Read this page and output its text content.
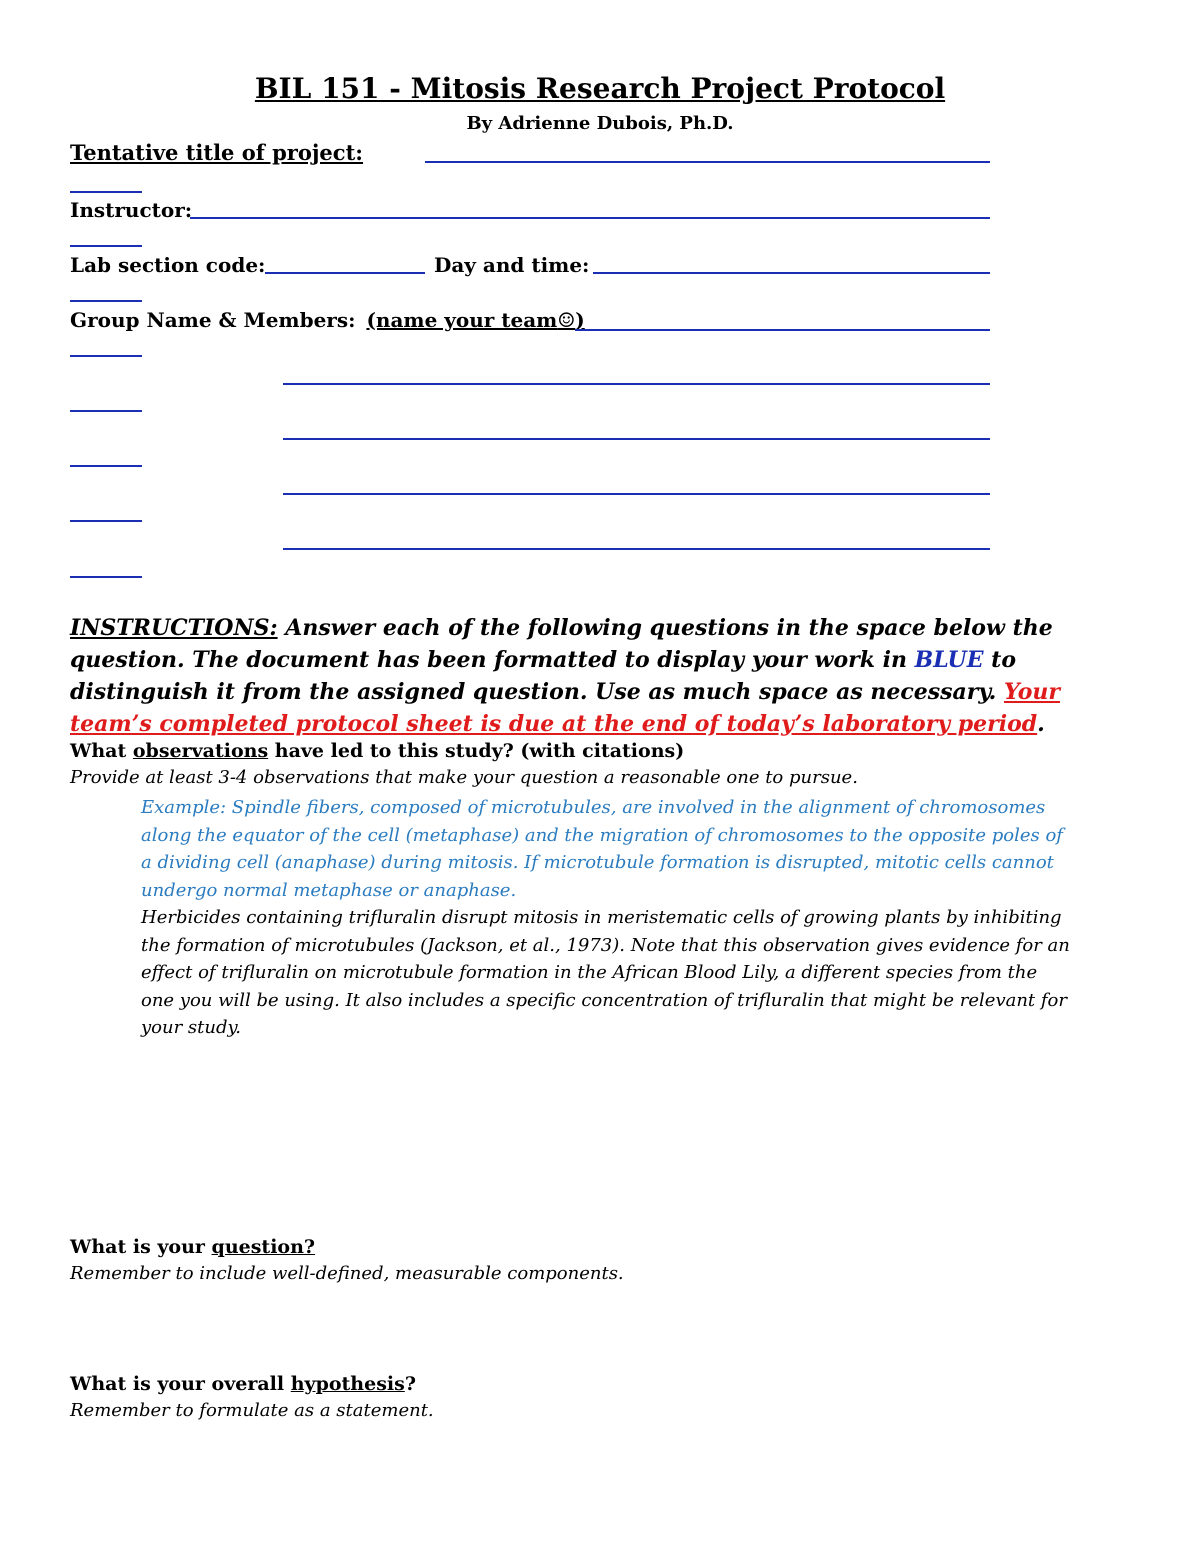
BIL 151 - Mitosis Research Project Protocol
By Adrienne Dubois, Ph.D.
Tentative title of project:
Instructor:
Lab section code:	Day and time:
Group Name & Members: (name your team☺)
INSTRUCTIONS: Answer each of the following questions in the space below the question. The document has been formatted to display your work in BLUE to distinguish it from the assigned question. Use as much space as necessary. Your team’s completed protocol sheet is due at the end of today’s laboratory period.
What observations have led to this study? (with citations)
Provide at least 3-4 observations that make your question a reasonable one to pursue.
Example: Spindle fibers, composed of microtubules, are involved in the alignment of chromosomes along the equator of the cell (metaphase) and the migration of chromosomes to the opposite poles of a dividing cell (anaphase) during mitosis. If microtubule formation is disrupted, mitotic cells cannot undergo normal metaphase or anaphase.
Herbicides containing trifluralin disrupt mitosis in meristematic cells of growing plants by inhibiting the formation of microtubules (Jackson, et al., 1973). Note that this observation gives evidence for an effect of trifluralin on microtubule formation in the African Blood Lily, a different species from the one you will be using. It also includes a specific concentration of trifluralin that might be relevant for your study.
What is your question?
Remember to include well-defined, measurable components.
What is your overall hypothesis?
Remember to formulate as a statement.
